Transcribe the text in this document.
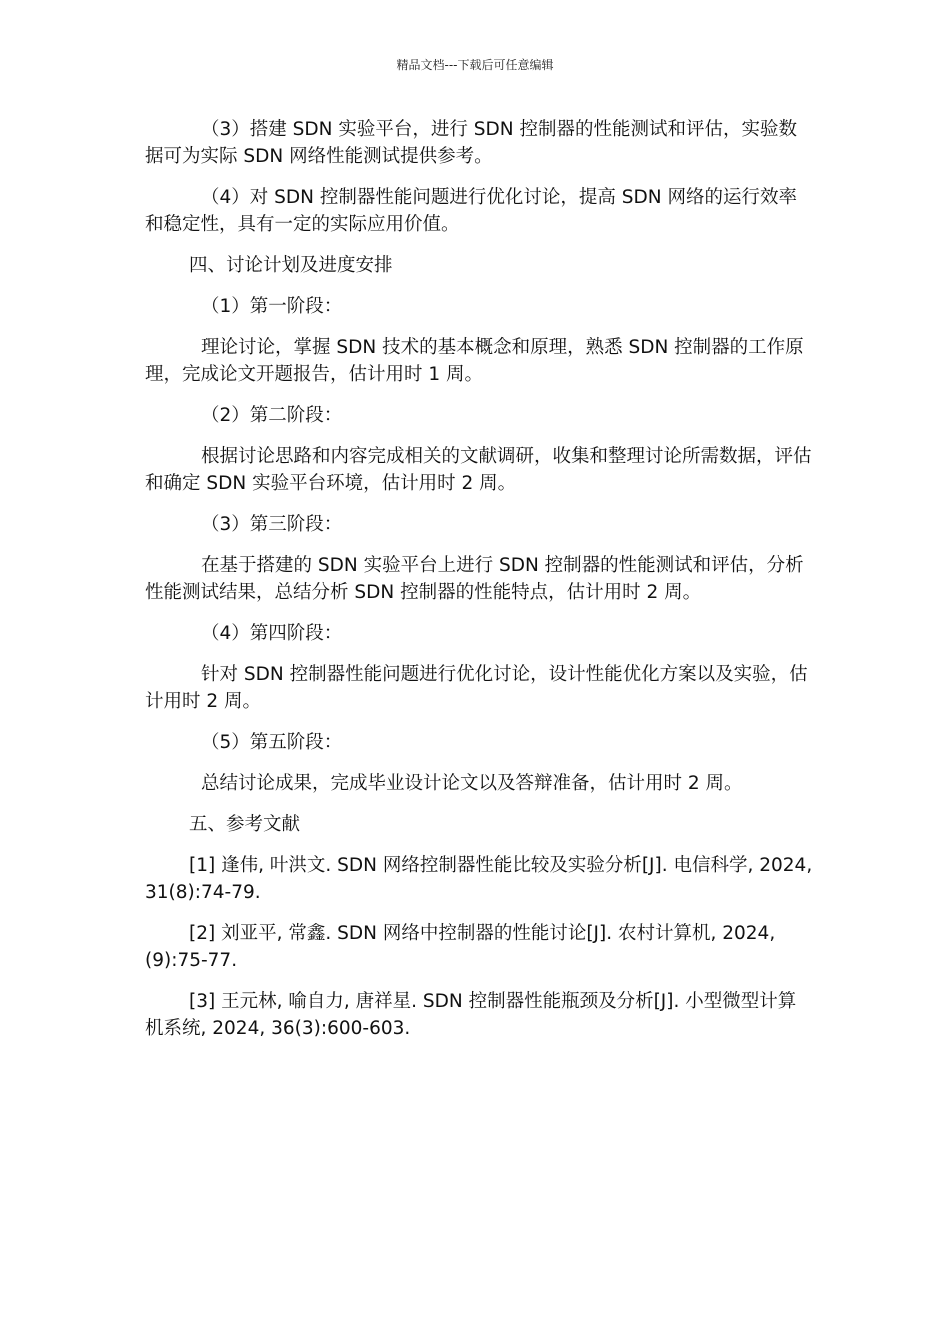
精品文档---下载后可任意编辑

（3）搭建 SDN 实验平台，进行 SDN 控制器的性能测试和评估，实验数据可为实际 SDN 网络性能测试提供参考。

（4）对 SDN 控制器性能问题进行优化讨论，提高 SDN 网络的运行效率和稳定性，具有一定的实际应用价值。

四、讨论计划及进度安排

（1）第一阶段：

理论讨论，掌握 SDN 技术的基本概念和原理，熟悉 SDN 控制器的工作原理，完成论文开题报告，估计用时 1 周。

（2）第二阶段：

根据讨论思路和内容完成相关的文献调研，收集和整理讨论所需数据，评估和确定 SDN 实验平台环境，估计用时 2 周。

（3）第三阶段：

在基于搭建的 SDN 实验平台上进行 SDN 控制器的性能测试和评估，分析性能测试结果，总结分析 SDN 控制器的性能特点，估计用时 2 周。

（4）第四阶段：

针对 SDN 控制器性能问题进行优化讨论，设计性能优化方案以及实验，估计用时 2 周。

（5）第五阶段：

总结讨论成果，完成毕业设计论文以及答辩准备，估计用时 2 周。

五、参考文献

[1] 逢伟, 叶洪文. SDN 网络控制器性能比较及实验分析[J]. 电信科学, 2024, 31(8):74-79.

[2] 刘亚平, 常鑫. SDN 网络中控制器的性能讨论[J]. 农村计算机, 2024, (9):75-77.

[3] 王元林, 喻自力, 唐祥星. SDN 控制器性能瓶颈及分析[J]. 小型微型计算机系统, 2024, 36(3):600-603.
